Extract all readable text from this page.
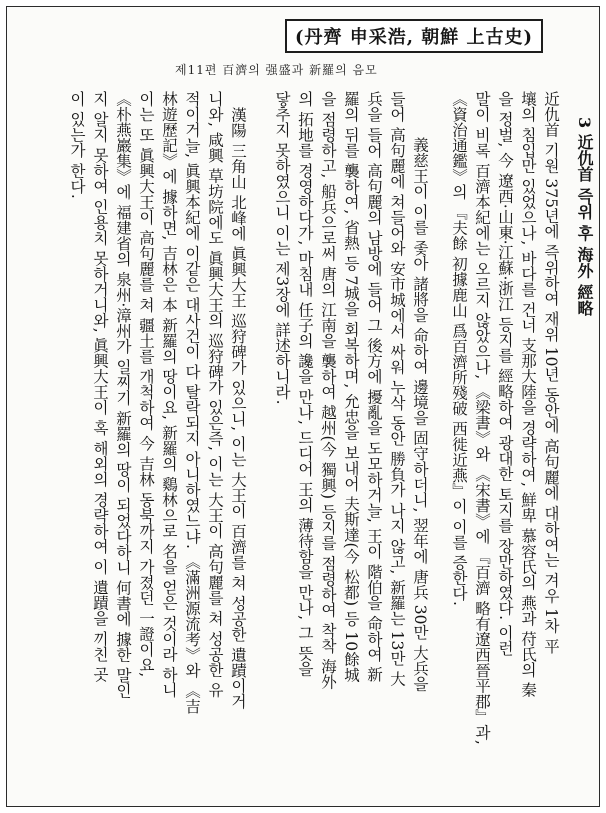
(丹齊 申采浩, 朝鮮 上古史)
제11편 百濟의 强盛과 新羅의 음모
3 近仇首 즉위 후 海外 經略
近仇首 기원 375년에 즉위하여 재위 10년 동안에 高句麗에 대하여는 겨우 1차 平
壤의 침입만 있었으나, 바다를 건너 支那大陸을 경략하여, 鮮卑 慕容氏의 燕과 苻氏의 秦
을 정벌, 今 遼西·山東·江蘇·浙江 등지를 經略하여 광대한 토지를 장만하였다. 이런
말이 비록 百濟本紀에는 오르지 않았으나, 《梁書》와 《宋書》에 『百濟 略有遼西晉平郡』과,
《資治通鑑》의 『夫餘 初據鹿山 爲百濟所殘破 西徙近燕』이 이를 증한다.
義慈王이 이를 좇아 諸將을 命하여 邊境을 固守하더니, 翌年에 唐兵 30만 大兵을
들어 高句麗에 쳐들어와 安市城에서 싸워 누삭 동안 勝負가 나지 않고, 新羅는 13만 大
兵을 들어 高句麗의 남방에 들어 그 後方에 擾亂을 도모하거늘, 王이 階伯을 命하여 新
羅의 뒤를 襲하여, 省熱 등 7城을 회복하며, 允忠을 보내어 夫斯達(今 松都) 등 10餘城
을 점령하고, 船兵으로써 唐의 江南을 襲하여 越州(今 獨興) 등지를 점령하여 착착 海外
의 拓地를 경영하다가, 마침내 任子의 讒을 만나, 드디어 王의 薄待함을 만나, 그 뜻을
닿추지 못하였으니 이는 제3장에 詳述하니라.
漢陽 三角山 北峰에 眞興大王 巡狩碑가 있으니, 이는 大王이 百濟를 쳐 성공한 遺蹟이거
니와, 咸興 草坊院에도 眞興大王의 巡狩碑가 있은즉, 이는 大王이 高句麗를 쳐 성공한 유
적이거늘, 眞興本紀에 이같은 대사건이 다 탈락되지 아니하였느냐. 《滿洲源流考》와 《吉
林遊歷記》에 據하면, 吉林은 本 新羅의 땅이요, 新羅의 鷄林으로 名을 얻은 것이라 하니
이는 또 眞興大王이 高句麗를 쳐 疆土를 개척하여 今 吉林 동북까지 가졌던 一證이요,
《朴燕巖集》에 福建省의 泉州·漳州가 일찌기 新羅의 땅이 되었다하니 何書에 據한 말인
지 알지 못하여 인용치 못하거니와, 眞興大王이 혹 해외의 경략하여 이 遺蹟을 끼친 곳
이 있는가 한다.
